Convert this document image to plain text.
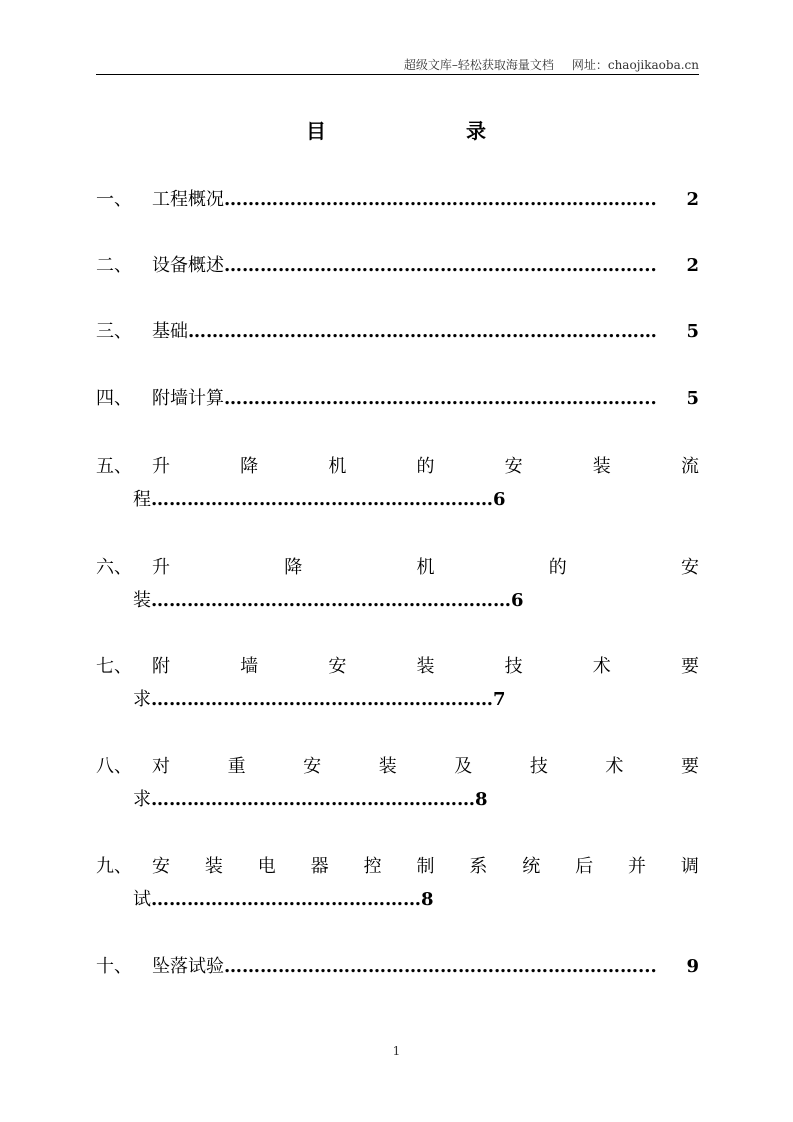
超级文库–轻松获取海量文档 网址：chaojikaoba.cn
目	录
一、 工程概况……………………………………………………………...	2
二、 设备概述……………………………………………………………...	2
三、 基础……………………………………………………………...……	5
四、 附墙计算……………………………………………………………...	5
五、 升	降	机	的	安	装	流
程…………………………………………………6
六、 升	降	机	的	安
装……………………………………………………6
七、 附	墙	安	装	技	术	要
求…………………………………………………7
八、 对	重	安	装	及	技	术	要
求………………………………………………8
九、 安 装 电 器 控 制 系 统 后 并 调
试………………………………………8
十、 坠落试验……………………………………………………………...	9
1
